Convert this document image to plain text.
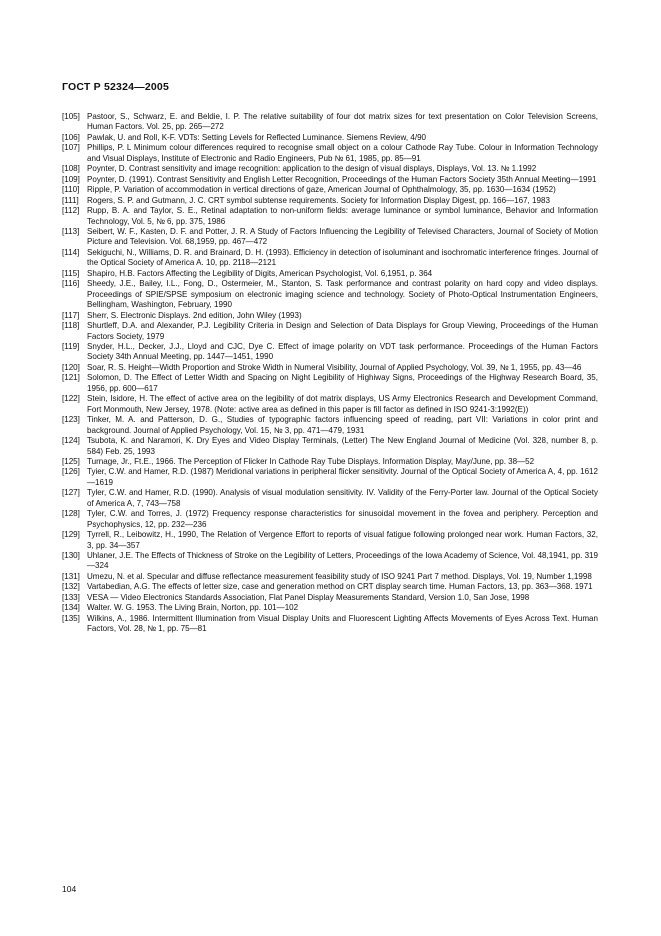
ГОСТ Р 52324—2005
[105] Pastoor, S., Schwarz, E. and Beldie, I. P. The relative suitability of four dot matrix sizes for text presentation on Color Television Screens, Human Factors. Vol. 25, pp. 265—272
[106] Pawlak, U. and Roll, K-F. VDTs: Setting Levels for Reflected Luminance. Siemens Review, 4/90
[107] Phillips, P. L Minimum colour differences required to recognise small object on a colour Cathode Ray Tube. Colour in Information Technology and Visual Displays, Institute of Electronic and Radio Engineers, Pub № 61, 1985, pp. 85—91
[108] Poynter, D. Contrast sensitivity and image recognition: application to the design of visual displays, Displays, Vol. 13. № 1.1992
[109] Poynter, D. (1991). Contrast Sensitivity and English Letter Recognition, Proceedings of the Human Factors Society 35th Annual Meeting—1991
[110] Ripple, P. Variation of accommodation in vertical directions of gaze, American Journal of Ophthalmology, 35, pp. 1630—1634 (1952)
[111] Rogers, S. P. and Gutmann, J. C. CRT symbol subtense requirements. Society for Information Display Digest, pp. 166—167, 1983
[112] Rupp, B. A. and Taylor, S. E., Retinal adaptation to non-uniform fields: average luminance or symbol luminance, Behavior and Information Technology, Vol. 5, № 6, pp. 375, 1986
[113] Seibert, W. F., Kasten, D. F. and Potter, J. R. A Study of Factors Influencing the Legibility of Televised Characters, Journal of Society of Motion Picture and Television. Vol. 68,1959, pp. 467—472
[114] Sekiguchi, N., Williams, D. R. and Brainard, D. H. (1993). Efficiency in detection of isoluminant and isochromatic interference fringes. Journal of the Optical Society of America A. 10, pp. 2118—2121
[115] Shapiro, H.B. Factors Affecting the Legibility of Digits, American Psychologist, Vol. 6,1951, p. 364
[116] Sheedy, J.E., Bailey, I.L., Fong, D., Ostermeier, M., Stanton, S. Task performance and contrast polarity on hard copy and video displays. Proceedings of SPIE/SPSE symposium on electronic imaging science and technology. Society of Photo-Optical Instrumentation Engineers, Bellingham, Washington, February, 1990
[117] Sherr, S. Electronic Displays. 2nd edition, John Wiley (1993)
[118] Shurtleff, D.A. and Alexander, P.J. Legibility Criteria in Design and Selection of Data Displays for Group Viewing, Proceedings of the Human Factors Society, 1979
[119] Snyder, H.L., Decker, J.J., Lloyd and CJC, Dye C. Effect of image polarity on VDT task performance. Proceedings of the Human Factors Society 34th Annual Meeting, pp. 1447—1451, 1990
[120] Soar, R. S. Height—Width Proportion and Stroke Width in Numeral Visibility, Journal of Applied Psychology, Vol. 39, № 1, 1955, pp. 43—46
[121] Solomon, D. The Effect of Letter Width and Spacing on Night Legibility of Highiway Signs, Proceedings of the Highway Research Board, 35, 1956, pp. 600—617
[122] Stein, Isidore, H. The effect of active area on the legibility of dot matrix displays, US Army Electronics Research and Development Command, Fort Monmouth, New Jersey, 1978. (Note: active area as defined in this paper is fill factor as defined in ISO 9241-3:1992(E))
[123] Tinker, M. A. and Patterson, D. G., Studies of typographic factors influencing speed of reading, part VII: Variations in color print and background. Journal of Applied Psychology, Vol. 15, № 3, pp. 471—479, 1931
[124] Tsubota, K. and Naramori, K. Dry Eyes and Video Display Terminals, (Letter) The New England Journal of Medicine (Vol. 328, number 8, p. 584) Feb. 25, 1993
[125] Turnage, Jr., Ft.E., 1966. The Perception of Flicker In Cathode Ray Tube Displays. Information Display, May/June, pp. 38—52
[126] Tyier, C.W. and Hamer, R.D. (1987) Meridional variations in peripheral flicker sensitivity. Journal of the Optical Society of America A, 4, pp. 1612—1619
[127] Tyler, C.W. and Hamer, R.D. (1990). Analysis of visual modulation sensitivity. IV. Validity of the Ferry-Porter law. Journal of the Optical Society of America A, 7, 743—758
[128] Tyler, C.W. and Torres, J. (1972) Frequency response characteristics for sinusoidal movement in the fovea and periphery. Perception and Psychophysics, 12, pp. 232—236
[129] Tyrrell, R., Leibowitz, H., 1990, The Relation of Vergence Effort to reports of visual fatigue following prolonged near work. Human Factors, 32, 3, pp. 34—357
[130] Uhlaner, J.E. The Effects of Thickness of Stroke on the Legibility of Letters, Proceedings of the Iowa Academy of Science, Vol. 48,1941, pp. 319—324
[131] Umezu, N. et al. Specular and diffuse reflectance measurement feasibility study of ISO 9241 Part 7 method. Displays, Vol. 19, Number 1,1998
[132] Vartabedian, A.G. The effects of letter size, case and generation method on CRT display search time. Human Factors, 13, pp. 363—368. 1971
[133] VESA — Video Electronics Standards Association, Flat Panel Display Measurements Standard, Version 1.0, San Jose, 1998
[134] Walter. W. G. 1953. The Living Brain, Norton, pp. 101—102
[135] Wilkins, A., 1986. Intermittent Illumination from Visual Display Units and Fluorescent Lighting Affects Movements of Eyes Across Text. Human Factors, Vol. 28, № 1, pp. 75—81
104
